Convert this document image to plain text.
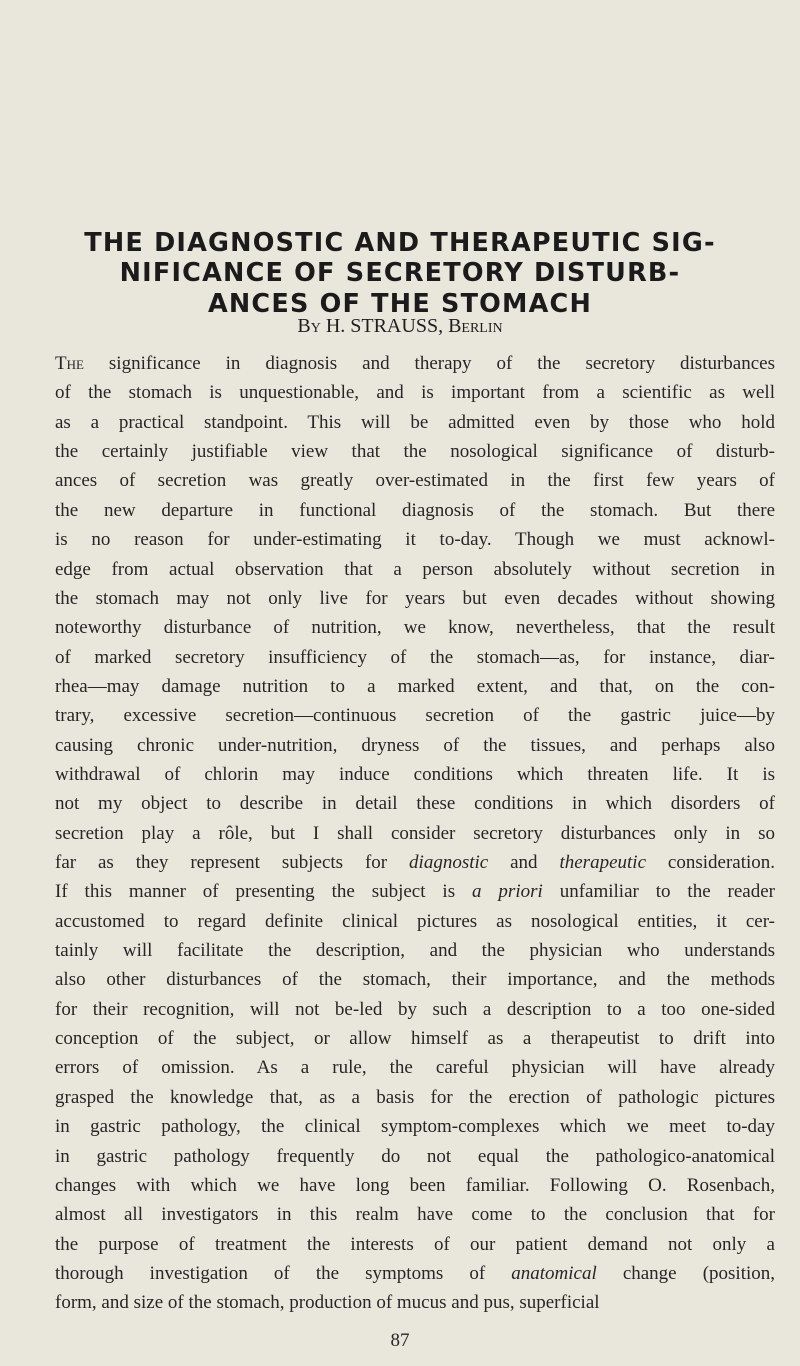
THE DIAGNOSTIC AND THERAPEUTIC SIG-
NIFICANCE OF SECRETORY DISTURB-
ANCES OF THE STOMACH
By H. STRAUSS, Berlin
The significance in diagnosis and therapy of the secretory disturbances
of the stomach is unquestionable, and is important from a scientific as well
as a practical standpoint. This will be admitted even by those who hold
the certainly justifiable view that the nosological significance of disturb-
ances of secretion was greatly over-estimated in the first few years of
the new departure in functional diagnosis of the stomach. But there
is no reason for under-estimating it to-day. Though we must acknowl-
edge from actual observation that a person absolutely without secretion in
the stomach may not only live for years but even decades without showing
noteworthy disturbance of nutrition, we know, nevertheless, that the result
of marked secretory insufficiency of the stomach—as, for instance, diar-
rhea—may damage nutrition to a marked extent, and that, on the con-
trary, excessive secretion—continuous secretion of the gastric juice—by
causing chronic under-nutrition, dryness of the tissues, and perhaps also
withdrawal of chlorin may induce conditions which threaten life. It is
not my object to describe in detail these conditions in which disorders of
secretion play a rôle, but I shall consider secretory disturbances only in so
far as they represent subjects for diagnostic and therapeutic consideration.
If this manner of presenting the subject is a priori unfamiliar to the reader
accustomed to regard definite clinical pictures as nosological entities, it cer-
tainly will facilitate the description, and the physician who understands
also other disturbances of the stomach, their importance, and the methods
for their recognition, will not be-led by such a description to a too one-sided
conception of the subject, or allow himself as a therapeutist to drift into
errors of omission. As a rule, the careful physician will have already
grasped the knowledge that, as a basis for the erection of pathologic pictures
in gastric pathology, the clinical symptom-complexes which we meet to-day
in gastric pathology frequently do not equal the pathologico-anatomical
changes with which we have long been familiar. Following O. Rosenbach,
almost all investigators in this realm have come to the conclusion that for
the purpose of treatment the interests of our patient demand not only a
thorough investigation of the symptoms of anatomical change (position,
form, and size of the stomach, production of mucus and pus, superficial
87
